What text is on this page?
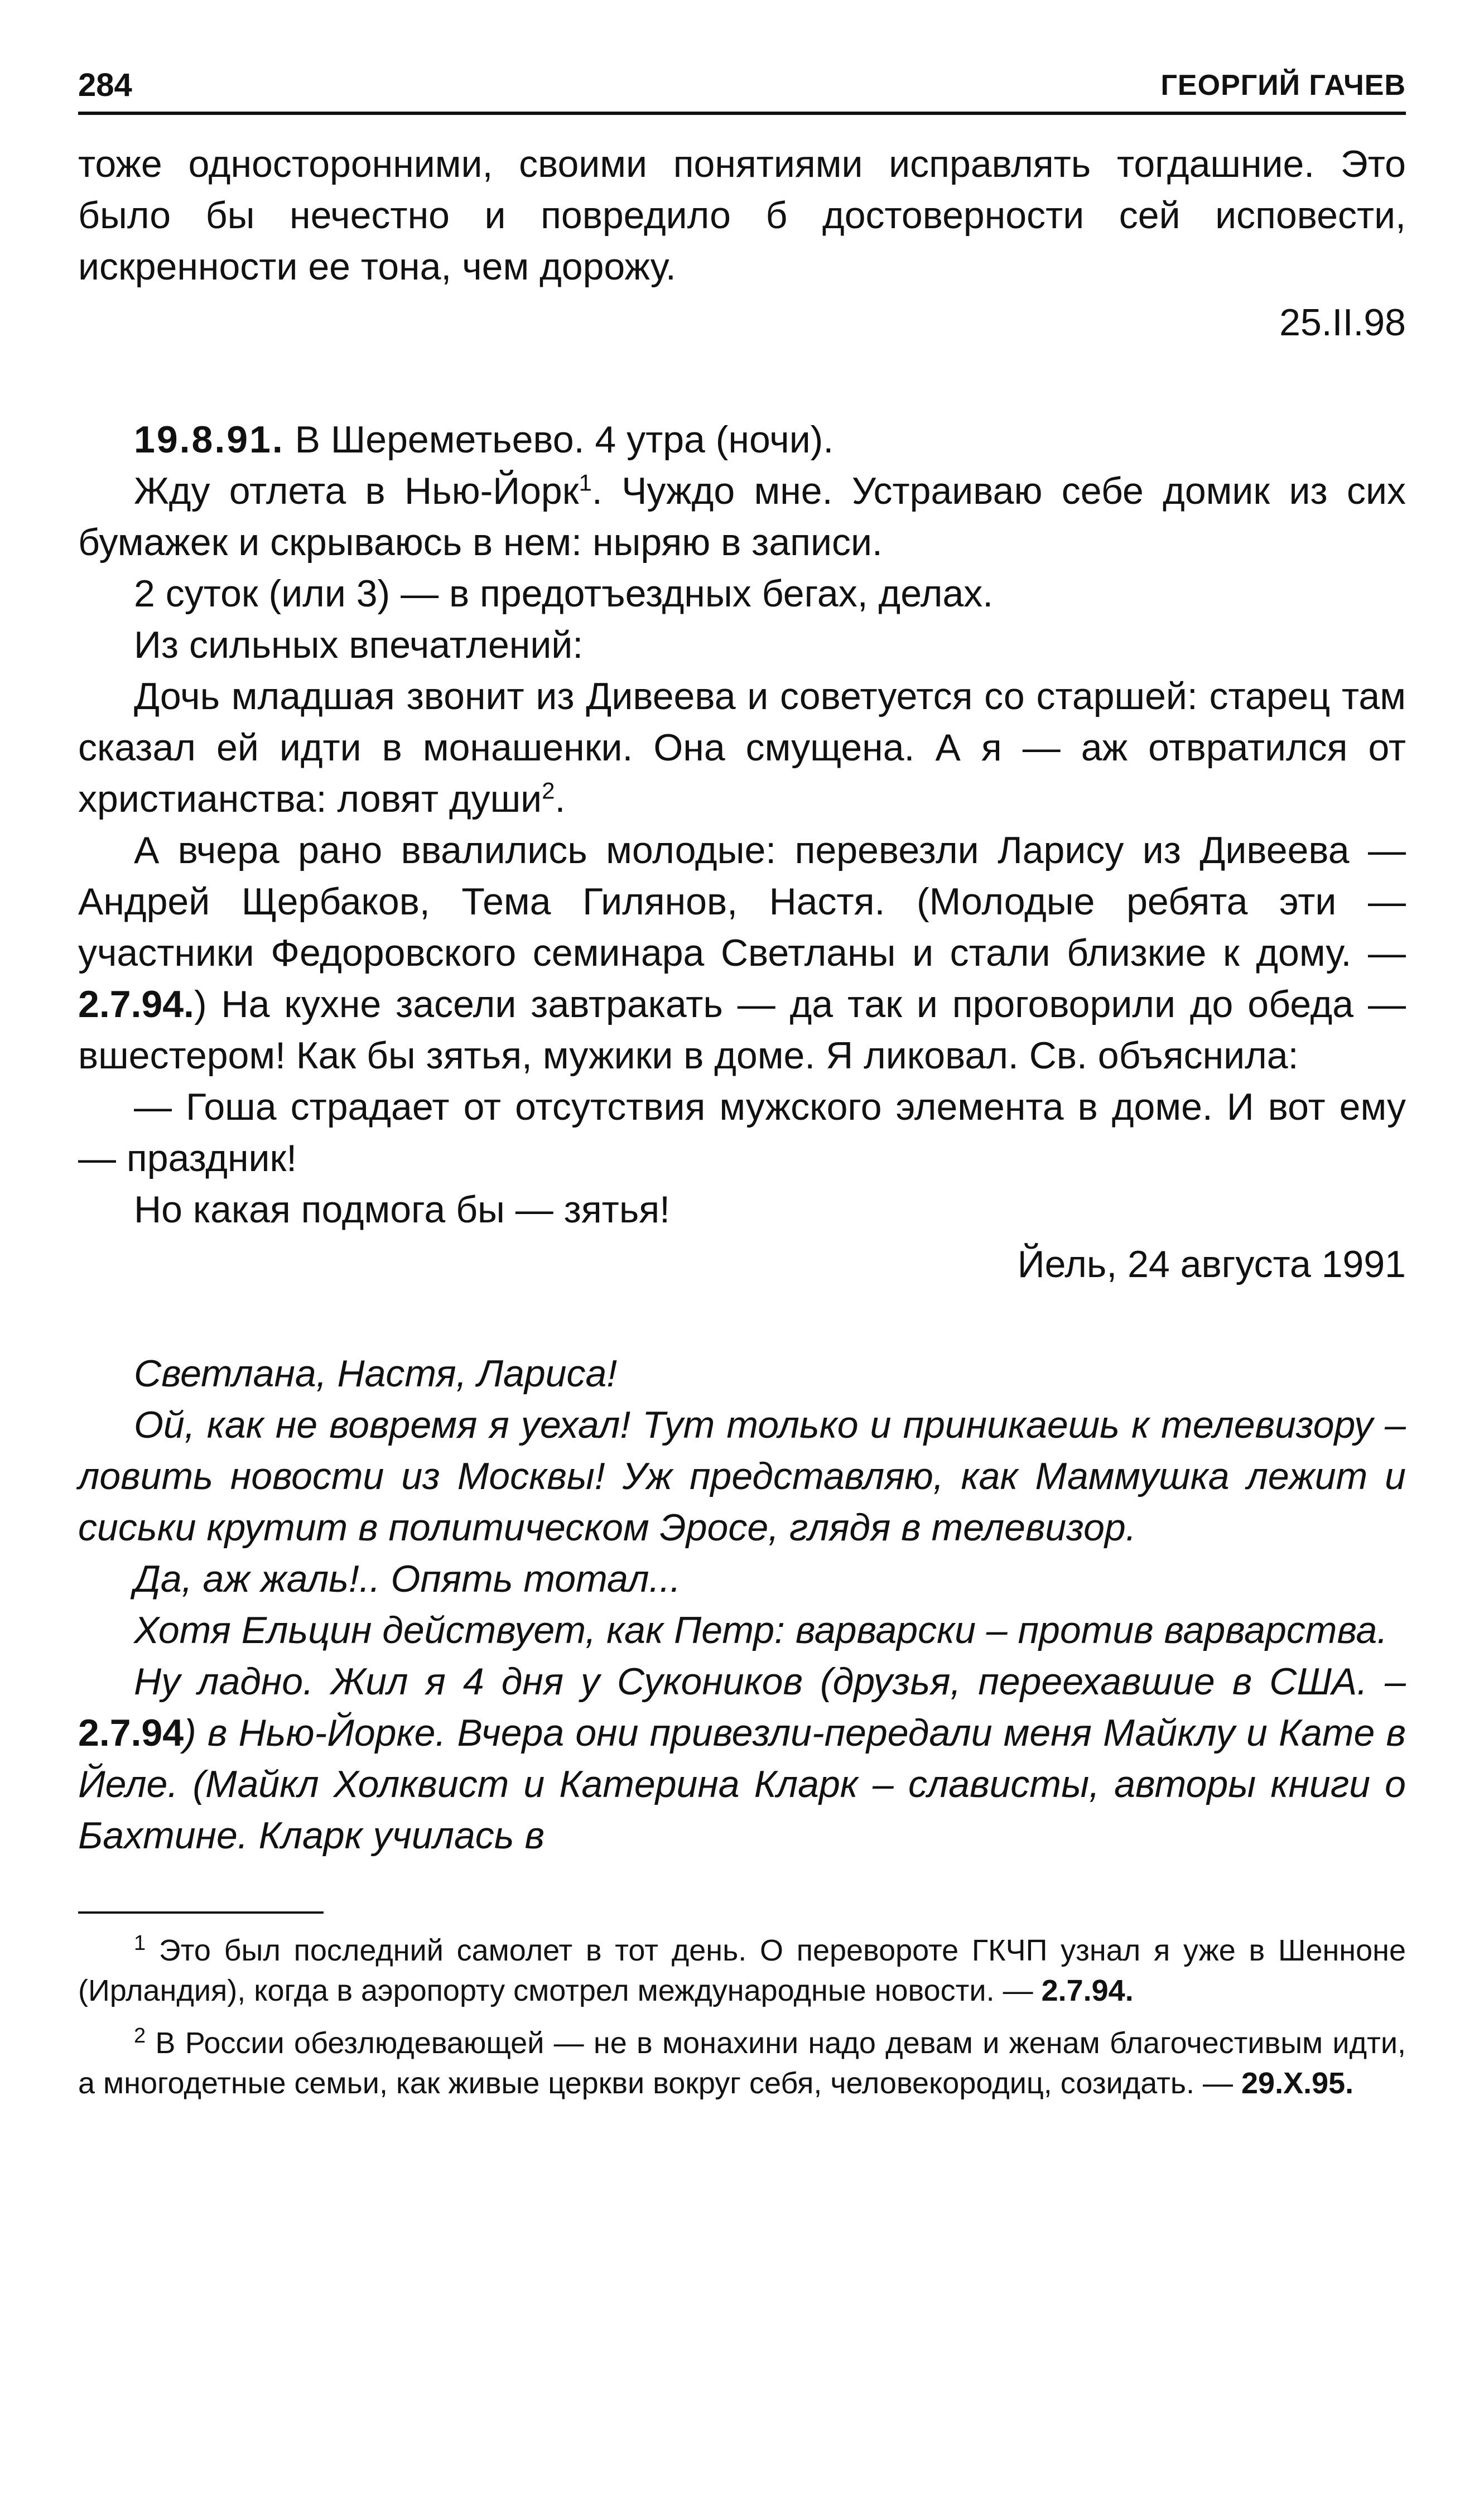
284	ГЕОРГИЙ ГАЧЕВ

тоже односторонними, своими понятиями исправлять тогдашние. Это было бы нечестно и повредило б достоверности сей исповести, искренности ее тона, чем дорожу.

25.II.98

19.8.91. В Шереметьево. 4 утра (ночи).

Жду отлета в Нью-Йорк$^1$. Чуждо мне. Устраиваю себе домик из сих бумажек и скрываюсь в нем: ныряю в записи.

2 суток (или 3) — в предотъездных бегах, делах.

Из сильных впечатлений:

Дочь младшая звонит из Дивеева и советуется со старшей: старец там сказал ей идти в монашенки. Она смущена. А я — аж отвратился от христианства: ловят души$^2$.

А вчера рано ввалились молодые: перевезли Ларису из Дивеева — Андрей Щербаков, Тема Гилянов, Настя. (Молодые ребята эти — участники Федоровского семинара Светланы и стали близкие к дому. — 2.7.94.) На кухне засели завтракать — да так и проговорили до обеда — вшестером! Как бы зятья, мужики в доме. Я ликовал. Св. объяснила:

— Гоша страдает от отсутствия мужского элемента в доме. И вот ему — праздник!

Но какая подмога бы — зятья!

Йель, 24 августа 1991

Светлана, Настя, Лариса!

Ой, как не вовремя я уехал! Тут только и приникаешь к телевизору – ловить новости из Москвы! Уж представляю, как Маммушка лежит и сиськи крутит в политическом Эросе, глядя в телевизор.

Да, аж жаль!.. Опять тотал...

Хотя Ельцин действует, как Петр: варварски – против варварства.

Ну ладно. Жил я 4 дня у Сукоников (друзья, переехавшие в США. – 2.7.94) в Нью-Йорке. Вчера они привезли-передали меня Майклу и Кате в Йеле. (Майкл Холквист и Катерина Кларк – слависты, авторы книги о Бахтине. Кларк училась в

$^1$ Это был последний самолет в тот день. О перевороте ГКЧП узнал я уже в Шенноне (Ирландия), когда в аэропорту смотрел международные новости. — 2.7.94.

$^2$ В России обезлюдевающей — не в монахини надо девам и женам благочестивым идти, а многодетные семьи, как живые церкви вокруг себя, человекородиц, созидать. — 29.X.95.
